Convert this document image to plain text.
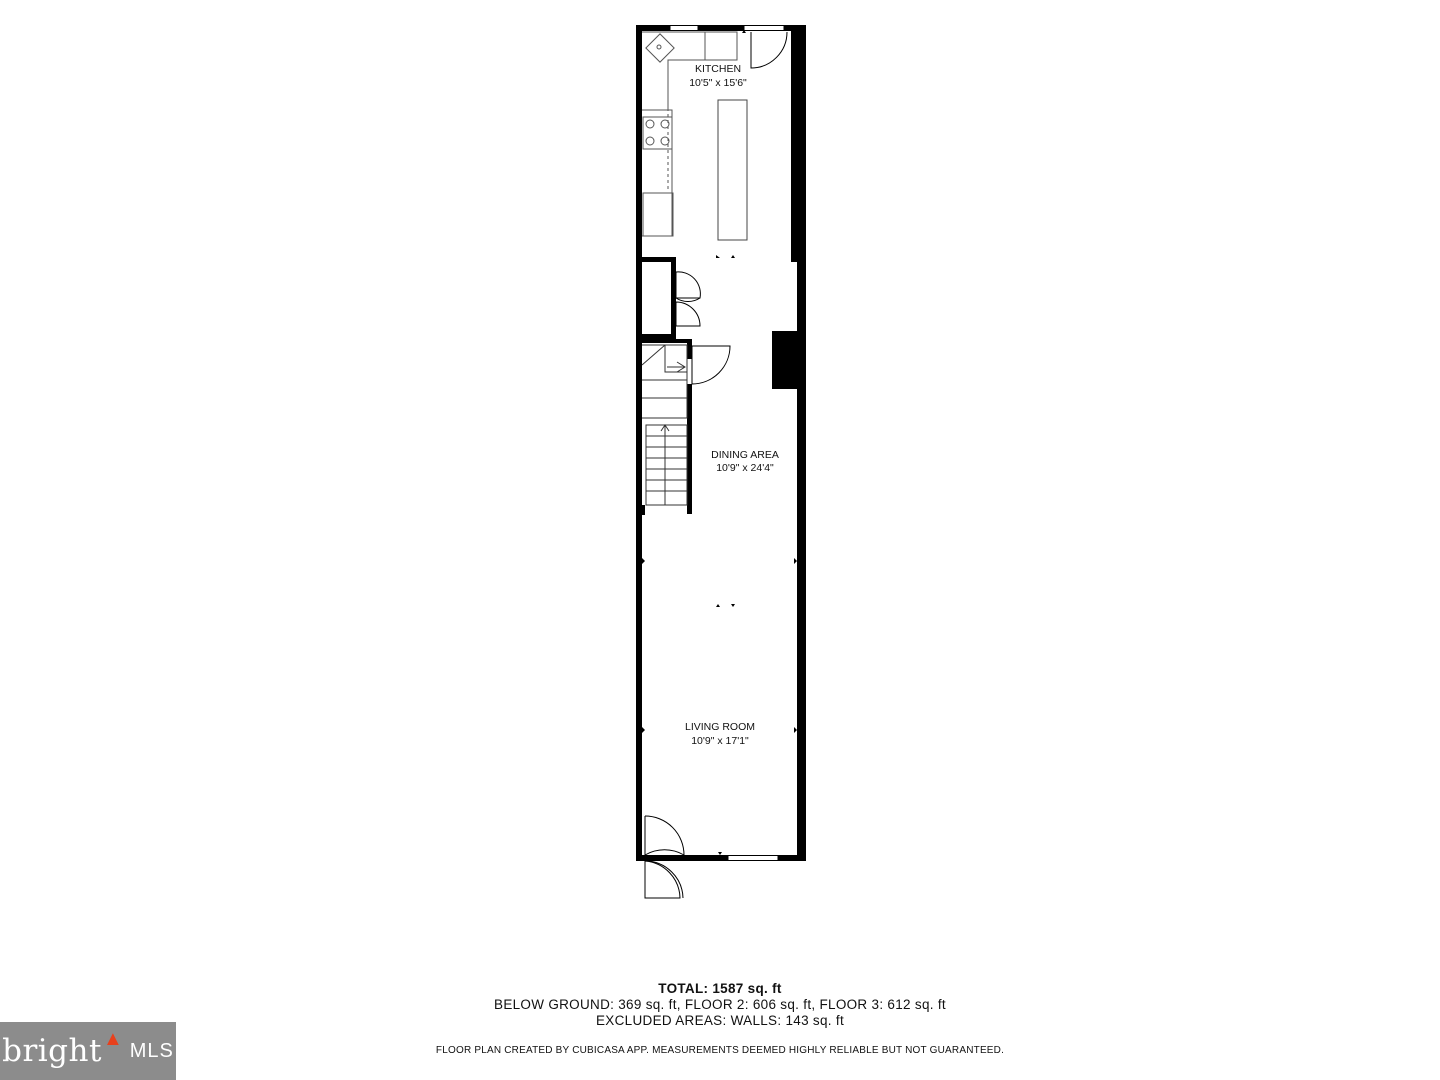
KITCHEN
10'5" x 15'6"
DINING AREA
10'9" x 24'4"
LIVING ROOM
10'9" x 17'1"
TOTAL: 1587 sq. ft
BELOW GROUND: 369 sq. ft, FLOOR 2: 606 sq. ft, FLOOR 3: 612 sq. ft
EXCLUDED AREAS: WALLS: 143 sq. ft
FLOOR PLAN CREATED BY CUBICASA APP. MEASUREMENTS DEEMED HIGHLY RELIABLE BUT NOT GUARANTEED.
bright ▲
MLS
